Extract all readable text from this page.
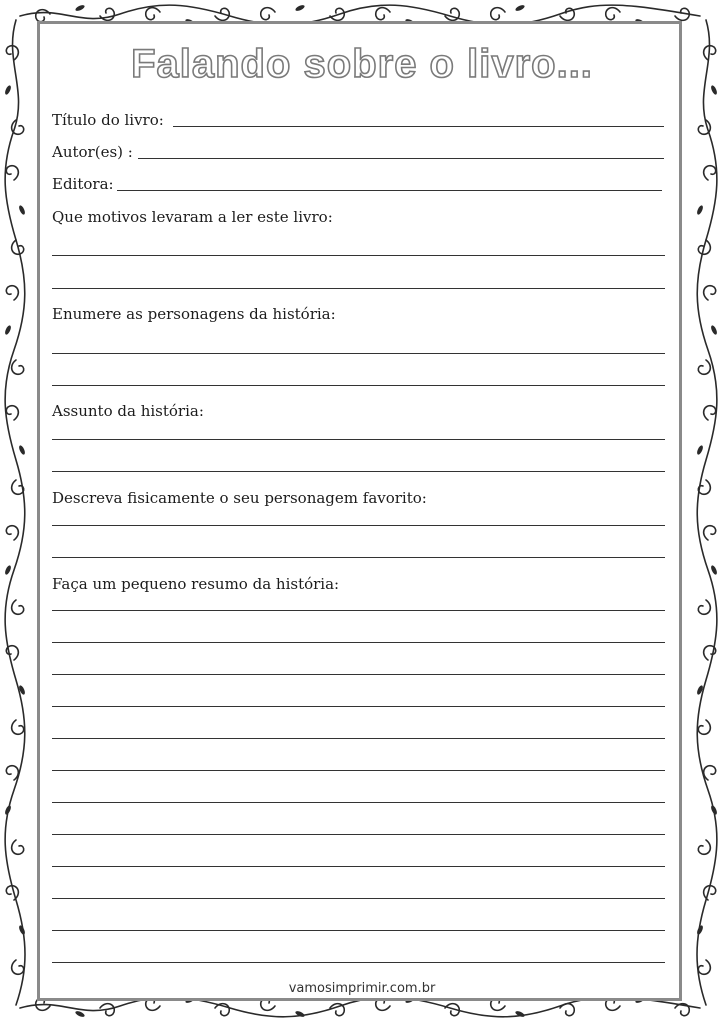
Falando sobre o livro...
Título do livro:
Autor(es) :
Editora:
Que motivos levaram a ler este livro:
Enumere as personagens da história:
Assunto da história:
Descreva fisicamente o seu personagem favorito:
Faça um pequeno resumo da história:
vamosimprimir.com.br
